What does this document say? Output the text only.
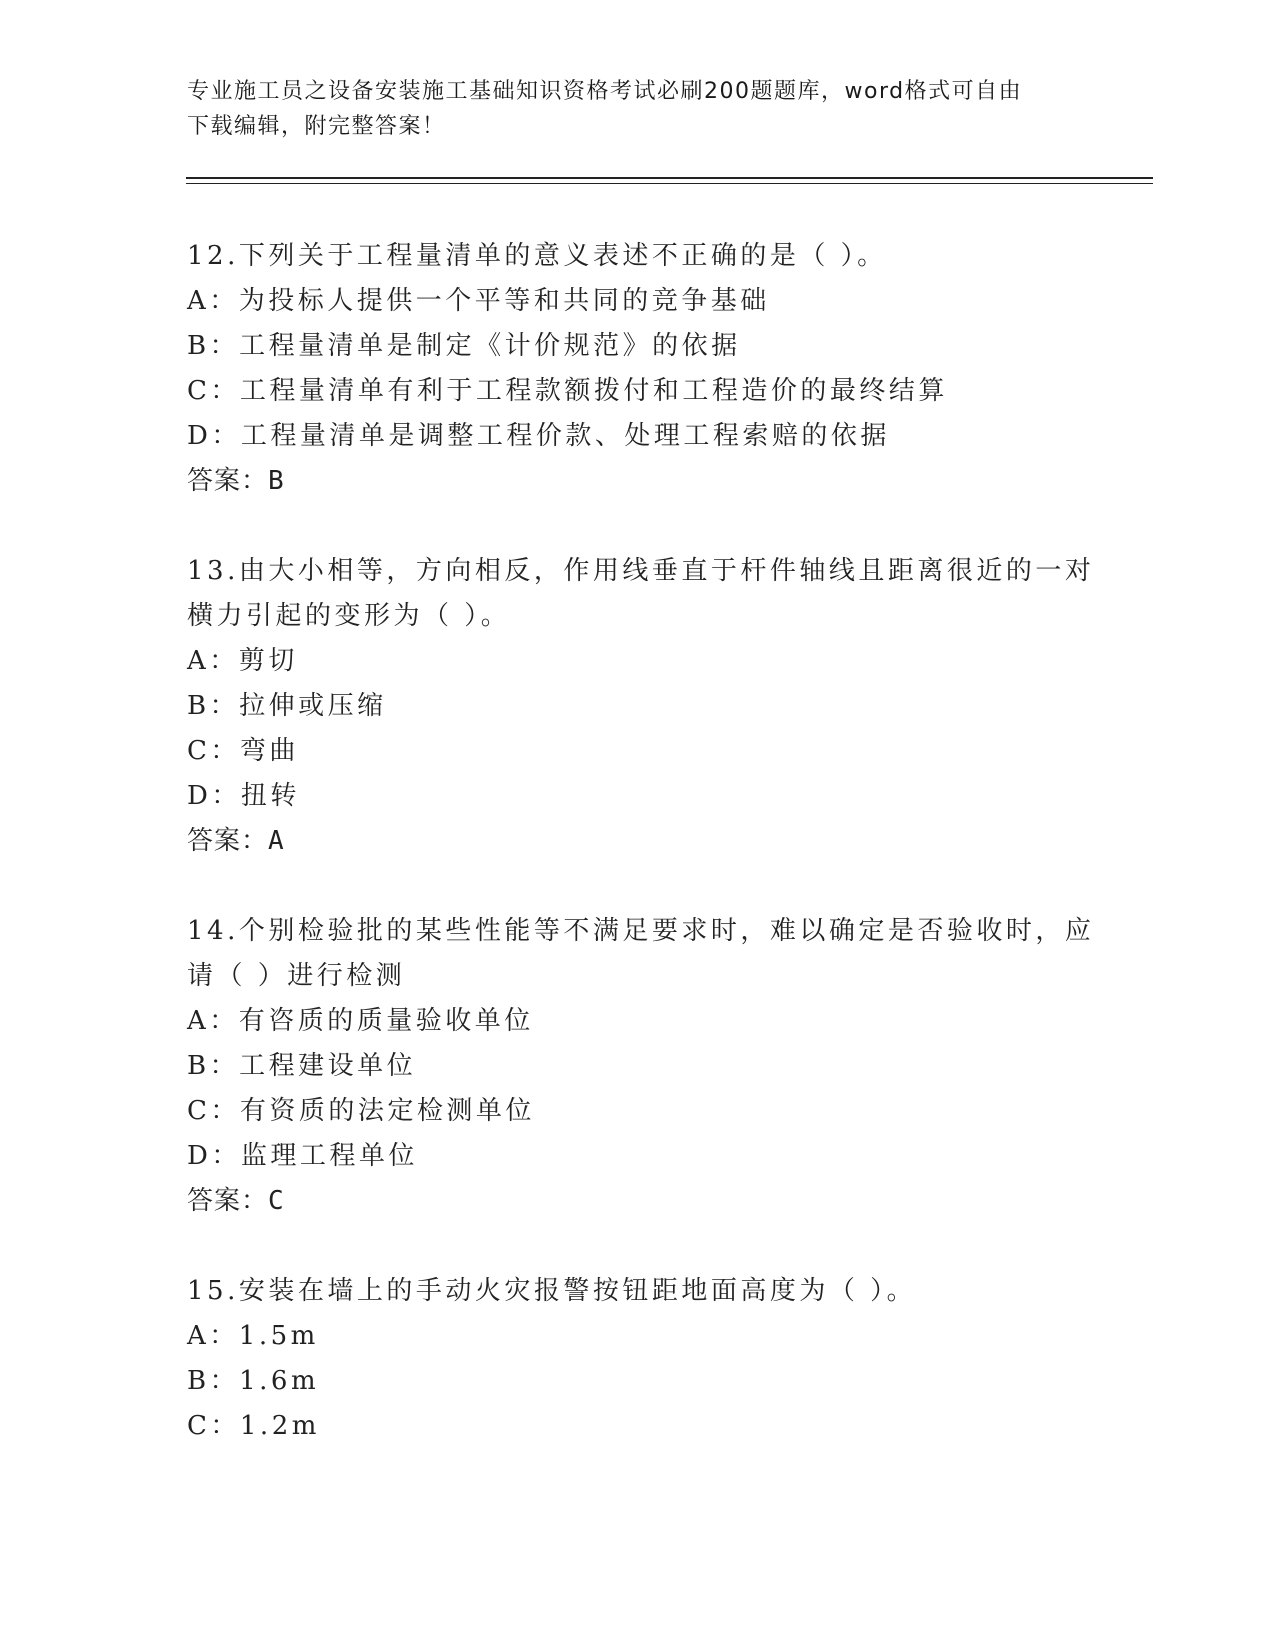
专业施工员之设备安装施工基础知识资格考试必刷200题题库，word格式可自由
下载编辑，附完整答案！
12.下列关于工程量清单的意义表述不正确的是（ ）。
A：为投标人提供一个平等和共同的竞争基础
B：工程量清单是制定《计价规范》的依据
C：工程量清单有利于工程款额拨付和工程造价的最终结算
D：工程量清单是调整工程价款、处理工程索赔的依据
答案：B
13.由大小相等，方向相反，作用线垂直于杆件轴线且距离很近的一对
横力引起的变形为（ ）。
A：剪切
B：拉伸或压缩
C：弯曲
D：扭转
答案：A
14.个别检验批的某些性能等不满足要求时，难以确定是否验收时，应
请（ ）进行检测
A：有咨质的质量验收单位
B：工程建设单位
C：有资质的法定检测单位
D：监理工程单位
答案：C
15.安装在墙上的手动火灾报警按钮距地面高度为（ ）。
A：1.5m
B：1.6m
C：1.2m
